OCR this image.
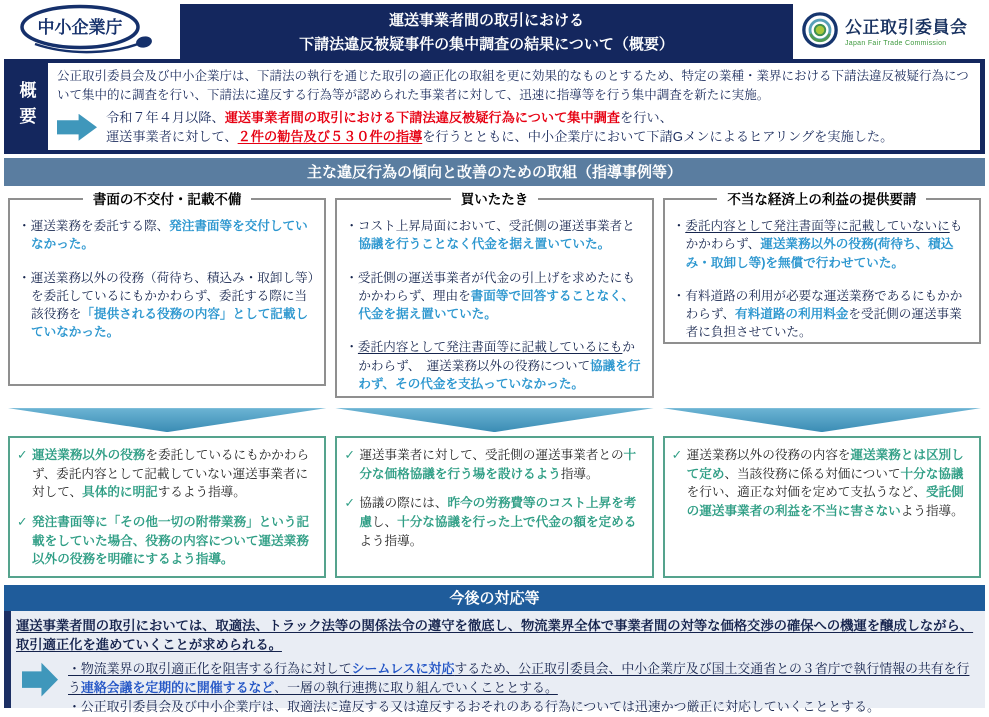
中小企業庁	運送事業者間の取引における
下請法違反被疑事件の集中調査の結果について（概要）
公正取引委員会
Japan Fair Trade Commission
概要

公正取引委員会及び中小企業庁は、下請法の執行を通じた取引の適正化の取組を更に効果的なものとするため、特定の業種・業界における下請法違反被疑行為について集中的に調査を行い、下請法に違反する行為等が認められた事業者に対して、迅速に指導等を行う集中調査を新たに実施。

令和７年４月以降、運送事業者間の取引における下請法違反被疑行為について集中調査を行い、
運送事業者に対して、２件の勧告及び５３０件の指導を行うとともに、中小企業庁において下請Gメンによるヒアリングを実施した。
主な違反行為の傾向と改善のための取組（指導事例等）
書面の不交付・記載不備

・運送業務を委託する際、発注書面等を交付していなかった。

・運送業務以外の役務（荷待ち、積込み・取卸し等）を委託しているにもかかわらず、委託する際に当該役務を「提供される役務の内容」として記載していなかった。

買いたたき

・コスト上昇局面において、受託側の運送事業者と協議を行うことなく代金を据え置いていた。

・受託側の運送事業者が代金の引上げを求めたにもかかわらず、理由を書面等で回答することなく、代金を据え置いていた。

・委託内容として発注書面等に記載しているにもかかわらず、　運送業務以外の役務について協議を行わず、その代金を支払っていなかった。

不当な経済上の利益の提供要請

・委託内容として発注書面等に記載していないにもかかわらず、運送業務以外の役務(荷待ち、積込み・取卸し等)を無償で行わせていた。

・有料道路の利用が必要な運送業務であるにもかかわらず、有料道路の利用料金を受託側の運送事業者に負担させていた。

✓ 運送業務以外の役務を委託しているにもかかわらず、委託内容として記載していない運送事業者に対して、具体的に明記するよう指導。

✓ 発注書面等に「その他一切の附帯業務」という記載をしていた場合、役務の内容について運送業務以外の役務を明確にするよう指導。

✓ 運送事業者に対して、受託側の運送事業者との十分な価格協議を行う場を設けるよう指導。

✓ 協議の際には、昨今の労務費等のコスト上昇を考慮し、十分な協議を行った上で代金の額を定めるよう指導。

✓ 運送業務以外の役務の内容を運送業務とは区別して定め、当該役務に係る対価について十分な協議を行い、適正な対価を定めて支払うなど、受託側の運送事業者の利益を不当に害さないよう指導。

今後の対応等

運送事業者間の取引においては、取適法、トラック法等の関係法令の遵守を徹底し、物流業界全体で事業者間の対等な価格交渉の確保への機運を醸成しながら、取引適正化を進めていくことが求められる。

・物流業界の取引適正化を阻害する行為に対してシームレスに対応するため、公正取引委員会、中小企業庁及び国土交通省との３省庁で執行情報の共有を行う連絡会議を定期的に開催するなど、一層の執行連携に取り組んでいくこととする。

・公正取引委員会及び中小企業庁は、取適法に違反する又は違反するおそれのある行為については迅速かつ厳正に対応していくこととする。
